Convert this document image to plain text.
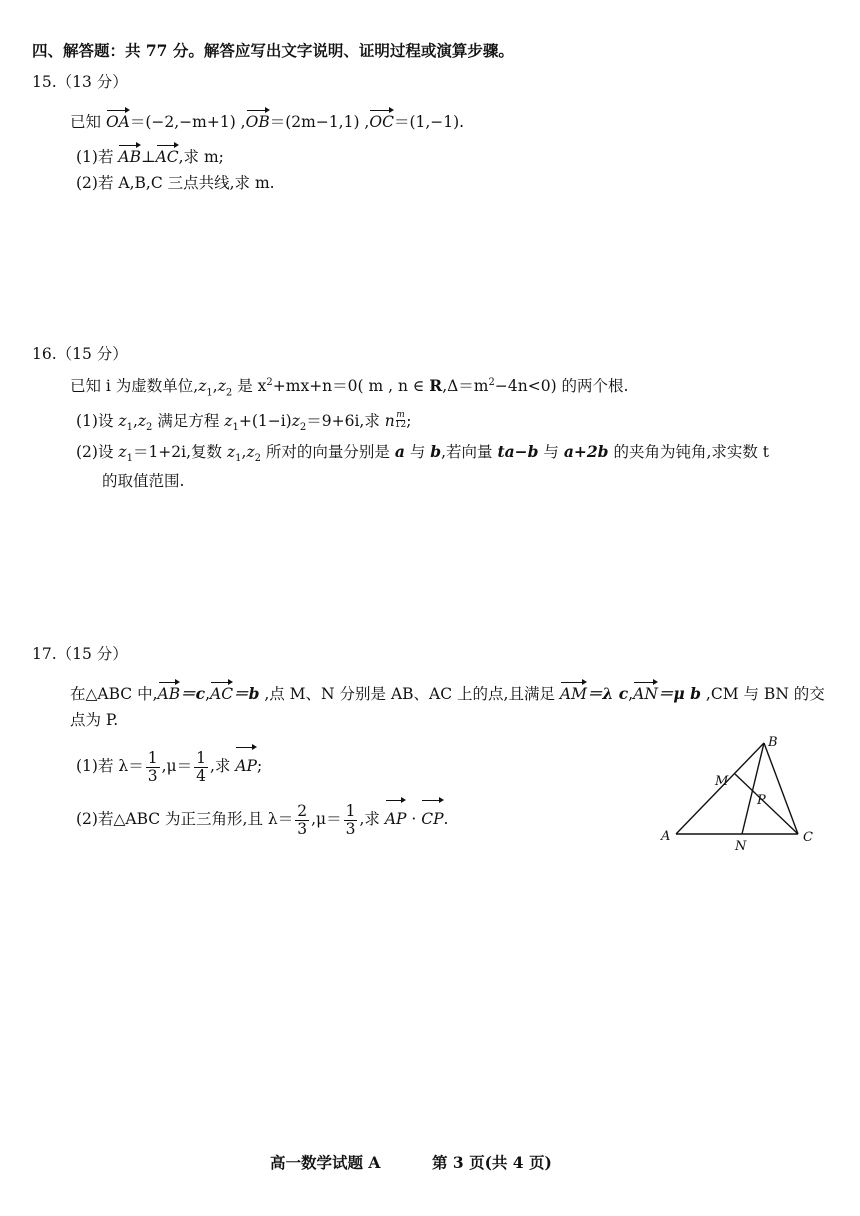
四、解答题：共 77 分。解答应写出文字说明、证明过程或演算步骤。
15.（13 分）
已知 OA＝(−2,−m+1) ,OB＝(2m−1,1) ,OC＝(1,−1).
(1)若 AB⊥AC,求 m;
(2)若 A,B,C 三点共线,求 m.
16.（15 分）
已知 i 为虚数单位$,z_1,z_2$ 是 $x^2+mx+n=0$( m , n ∈ $R,\Delta=m^2-4n<0$) 的两个根.
(1)设 $z_1,z_2$ 满足方程 $z_1+(1-i)z_2=9+6i$,求 n $\frac{m}{12}$ ;
(2)设 $z_1=1+2i$,复数 $z_1,z_2$ 所对的向量分别是 a 与 b,若向量 ta−b 与 a+2b 的夹角为钝角,求实数 t
的取值范围.
17.（15 分）
在△ABC 中,AB＝c,AC＝b ,点 M、N 分别是 AB、AC 上的点,且满足 AM＝λ c,AN＝μ b ,CM 与 BN 的交
点为 P.
(1)若 $\lambda= \frac{1}{3} ,\mu= \frac{1}{4}$ ,求 AP;
(2)若△ABC 为正三角形,且 $\lambda= \frac{2}{3} ,\mu= \frac{1}{3}$ ,求 AP · CP.
A
B
C
M
N
P
高一数学试题 A	第 3 页(共 4 页)
